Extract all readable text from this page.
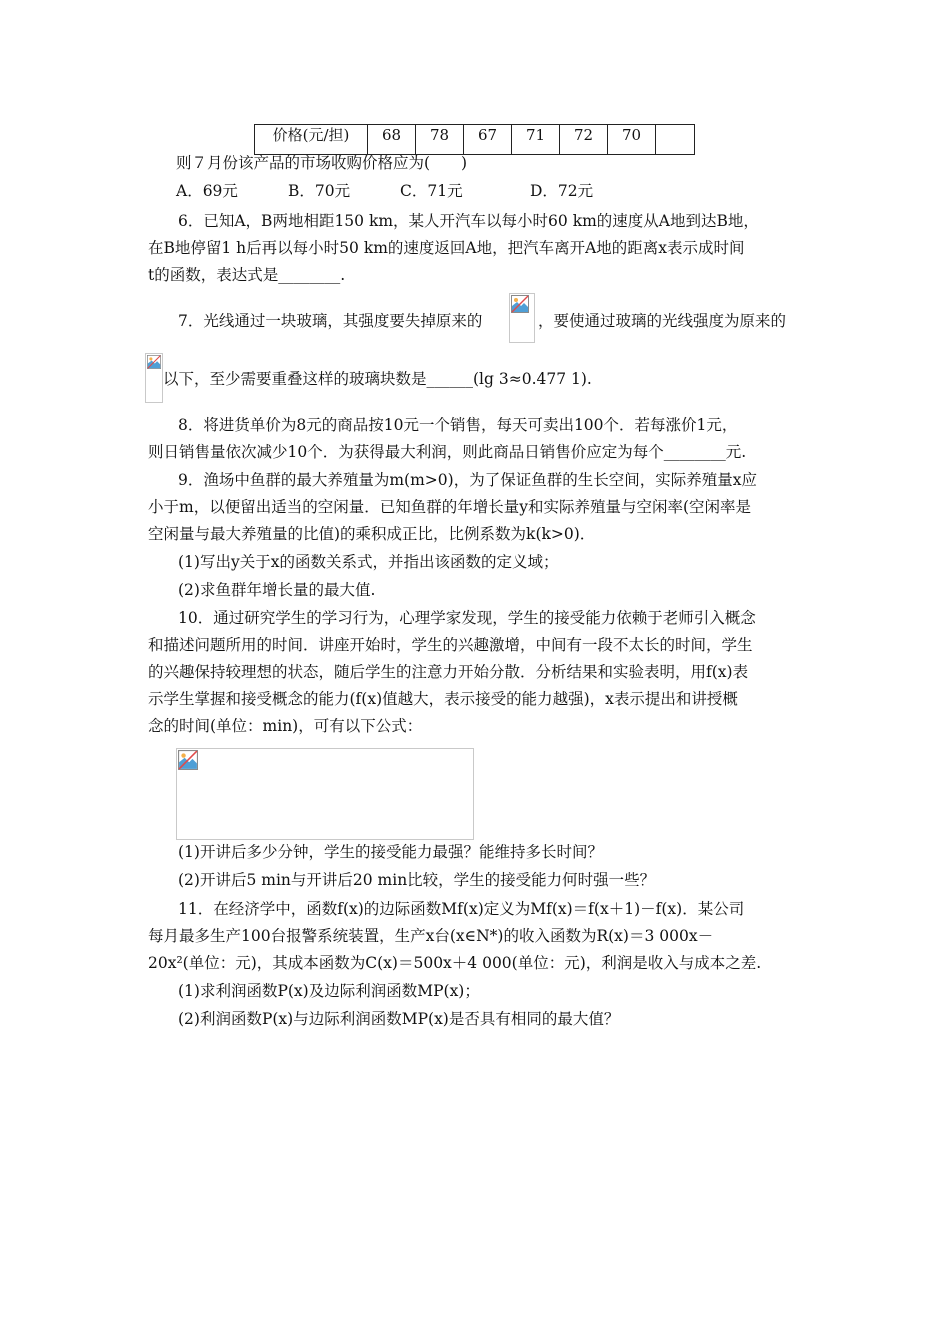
价格(元/担)	68	78	67	71	72	70	
则７月份该产品的市场收购价格应为(　　)
A．69元	B．70元	C．71元	D．72元
6．已知A，B两地相距150 km，某人开汽车以每小时60 km的速度从A地到达B地，
在B地停留1 h后再以每小时50 km的速度返回A地，把汽车离开A地的距离x表示成时间
t的函数，表达式是________.
7．光线通过一块玻璃，其强度要失掉原来的	，要使通过玻璃的光线强度为原来的
以下，至少需要重叠这样的玻璃块数是______(lg 3≈0.477 1).
8．将进货单价为8元的商品按10元一个销售，每天可卖出100个．若每涨价1元，
则日销售量依次减少10个．为获得最大利润，则此商品日销售价应定为每个________元.
9．渔场中鱼群的最大养殖量为m(m>0)，为了保证鱼群的生长空间，实际养殖量x应
小于m，以便留出适当的空闲量．已知鱼群的年增长量y和实际养殖量与空闲率(空闲率是
空闲量与最大养殖量的比值)的乘积成正比，比例系数为k(k>0)．
(1)写出y关于x的函数关系式，并指出该函数的定义域；
(2)求鱼群年增长量的最大值.
10．通过研究学生的学习行为，心理学家发现，学生的接受能力依赖于老师引入概念
和描述问题所用的时间．讲座开始时，学生的兴趣激增，中间有一段不太长的时间，学生
的兴趣保持较理想的状态，随后学生的注意力开始分散．分析结果和实验表明，用f(x)表
示学生掌握和接受概念的能力(f(x)值越大，表示接受的能力越强)，x表示提出和讲授概
念的时间(单位：min)，可有以下公式：
(1)开讲后多少分钟，学生的接受能力最强？能维持多长时间？
(2)开讲后5 min与开讲后20 min比较，学生的接受能力何时强一些？
11．在经济学中，函数f(x)的边际函数Mf(x)定义为Mf(x)＝f(x＋1)－f(x)．某公司
每月最多生产100台报警系统装置，生产x台(x∈N*)的收入函数为R(x)＝3 000x－
20x²(单位：元)，其成本函数为C(x)＝500x＋4 000(单位：元)，利润是收入与成本之差.
(1)求利润函数P(x)及边际利润函数MP(x)；
(2)利润函数P(x)与边际利润函数MP(x)是否具有相同的最大值？
